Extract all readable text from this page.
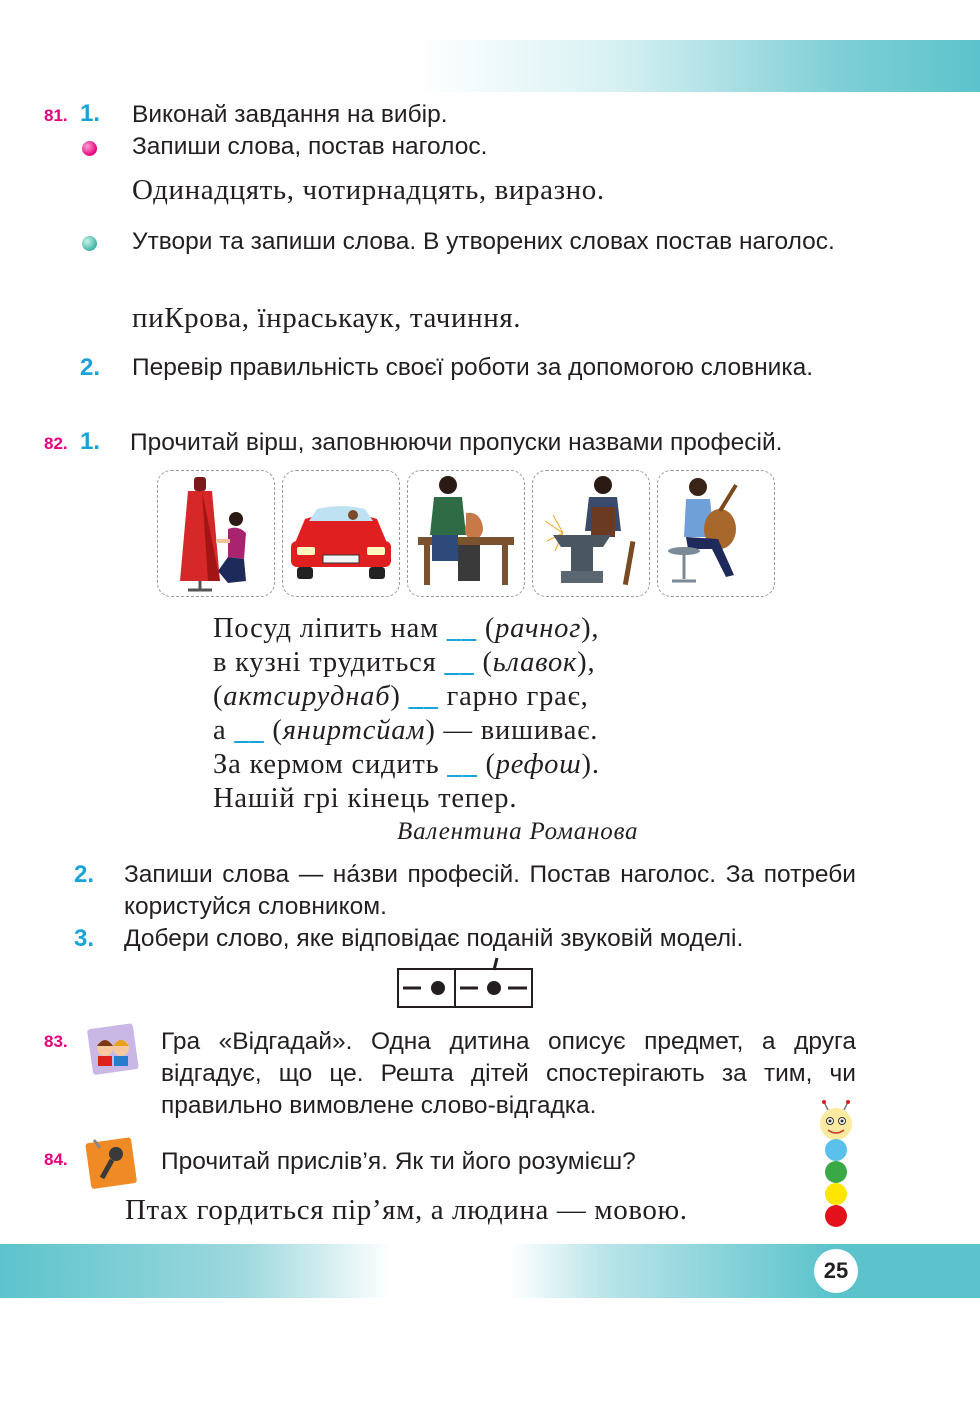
25
81. 1. Виконай завдання на вибір.
Запиши слова, постав наголос.
Одинадцять, чотирнадцять, виразно.
Утвори та запиши слова. В утворених словах постав наголос.
пиКрова, їнраськаук, тачиння.
2. Перевір правильність своєї роботи за допомогою словника.
82. 1. Прочитай вірш, заповнюючи пропуски назвами професій.
Посуд ліпить нам __ (рачног),
в кузні трудиться __ (ьлавок),
(актсируднаб) __ гарно грає,
а __ (яниртсйам) — вишиває.
За кермом сидить __ (рефош).
Нашій грі кінець тепер.
Валентина Романова
2. Запиши слова — на́зви професій. Постав наголос. За потреби користуйся словником.
3. Добери слово, яке відповідає поданій звуковій моделі.
83.	Гра «Відгадай». Одна дитина описує предмет, а друга відгадує, що це. Решта дітей спостерігають за тим, чи правильно вимовлене слово-відгадка.
84.	Прочитай прислів’я. Як ти його розумієш?
Птах гордиться пір’ям, а людина — мовою.
